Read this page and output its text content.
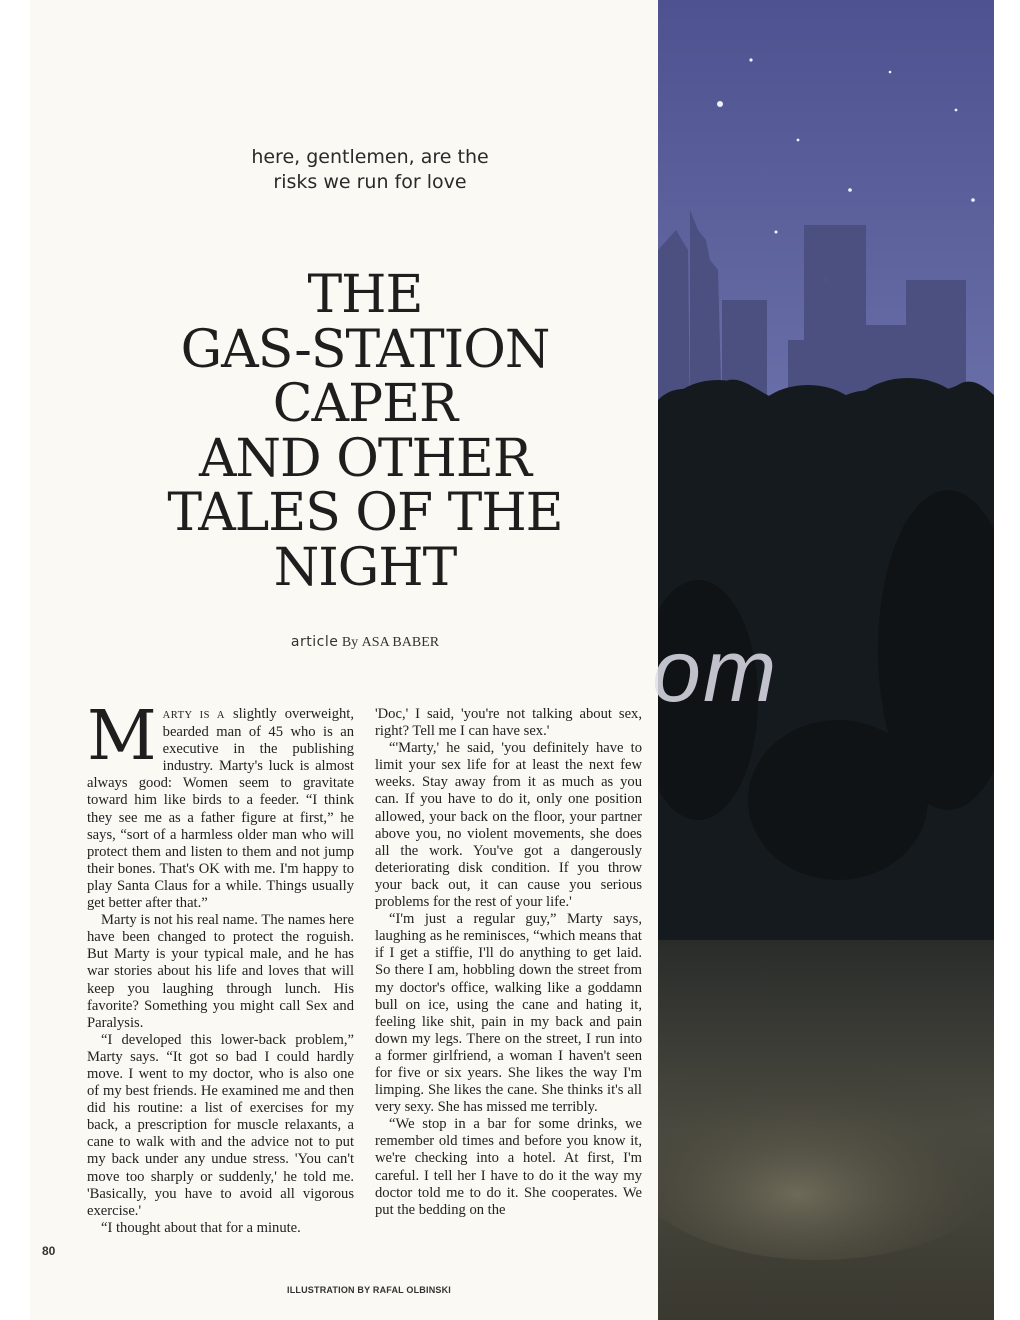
om
here, gentlemen, are the
risks we run for love
THE
GAS-STATION
CAPER
AND OTHER
TALES OF THE
NIGHT
article By ASA BABER

MARTY IS A slightly overweight, bearded man of 45 who is an executive in the publishing industry. Marty's luck is almost always good: Women seem to gravitate toward him like birds to a feeder. “I think they see me as a father figure at first,” he says, “sort of a harmless older man who will protect them and listen to them and not jump their bones. That's OK with me. I'm happy to play Santa Claus for a while. Things usually get better after that.”

Marty is not his real name. The names here have been changed to protect the roguish. But Marty is your typical male, and he has war stories about his life and loves that will keep you laughing through lunch. His favorite? Something you might call Sex and Paralysis.

“I developed this lower-back problem,” Marty says. “It got so bad I could hardly move. I went to my doctor, who is also one of my best friends. He examined me and then did his routine: a list of exercises for my back, a prescription for muscle relaxants, a cane to walk with and the advice not to put my back under any undue stress. 'You can't move too sharply or suddenly,' he told me. 'Basically, you have to avoid all vigorous exercise.'

“I thought about that for a minute.

'Doc,' I said, 'you're not talking about sex, right? Tell me I can have sex.'

“'Marty,' he said, 'you definitely have to limit your sex life for at least the next few weeks. Stay away from it as much as you can. If you have to do it, only one position allowed, your back on the floor, your partner above you, no violent movements, she does all the work. You've got a dangerously deteriorating disk condition. If you throw your back out, it can cause you serious problems for the rest of your life.'

“I'm just a regular guy,” Marty says, laughing as he reminisces, “which means that if I get a stiffie, I'll do anything to get laid. So there I am, hobbling down the street from my doctor's office, walking like a goddamn bull on ice, using the cane and hating it, feeling like shit, pain in my back and pain down my legs. There on the street, I run into a former girlfriend, a woman I haven't seen for five or six years. She likes the way I'm limping. She likes the cane. She thinks it's all very sexy. She has missed me terribly.

“We stop in a bar for some drinks, we remember old times and before you know it, we're checking into a hotel. At first, I'm careful. I tell her I have to do it the way my doctor told me to do it. She cooperates. We put the bedding on the

80
ILLUSTRATION BY RAFAL OLBINSKI
